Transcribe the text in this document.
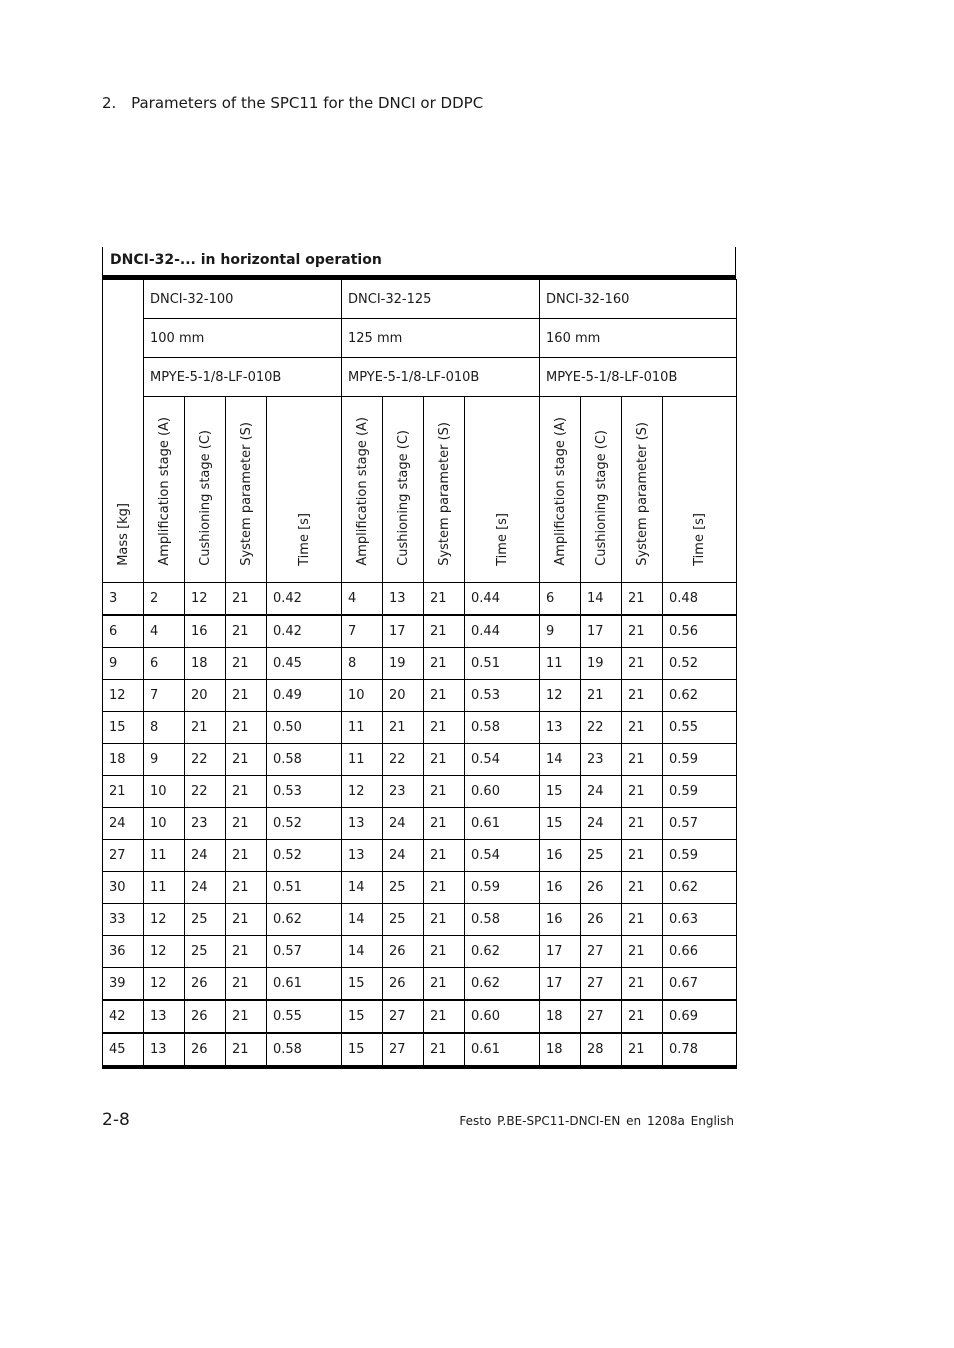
2. Parameters of the SPC11 for the DNCI or DDPC
DNCI-32-... in horizontal operation
Mass [kg]	DNCI-32-100				DNCI-32-125				DNCI-32-160			
	100 mm				125 mm				160 mm			
	MPYE-5-1/8-LF-010B				MPYE-5-1/8-LF-010B				MPYE-5-1/8-LF-010B			

	Amplification stage (A)	Cushioning stage (C)	System parameter (S)	Time [s]	Amplification stage (A)	Cushioning stage (C)	System parameter (S)	Time [s]	Amplification stage (A)	Cushioning stage (C)	System parameter (S)	Time [s]

3	2	12	21	0.42	4	13	21	0.44	6	14	21	0.48
6	4	16	21	0.42	7	17	21	0.44	9	17	21	0.56
9	6	18	21	0.45	8	19	21	0.51	11	19	21	0.52
12	7	20	21	0.49	10	20	21	0.53	12	21	21	0.62
15	8	21	21	0.50	11	21	21	0.58	13	22	21	0.55
18	9	22	21	0.58	11	22	21	0.54	14	23	21	0.59
21	10	22	21	0.53	12	23	21	0.60	15	24	21	0.59
24	10	23	21	0.52	13	24	21	0.61	15	24	21	0.57
27	11	24	21	0.52	13	24	21	0.54	16	25	21	0.59
30	11	24	21	0.51	14	25	21	0.59	16	26	21	0.62
33	12	25	21	0.62	14	25	21	0.58	16	26	21	0.63
36	12	25	21	0.57	14	26	21	0.62	17	27	21	0.66
39	12	26	21	0.61	15	26	21	0.62	17	27	21	0.67
42	13	26	21	0.55	15	27	21	0.60	18	27	21	0.69
45	13	26	21	0.58	15	27	21	0.61	18	28	21	0.78
2-8	Festo P.BE-SPC11-DNCI-EN en 1208a English
